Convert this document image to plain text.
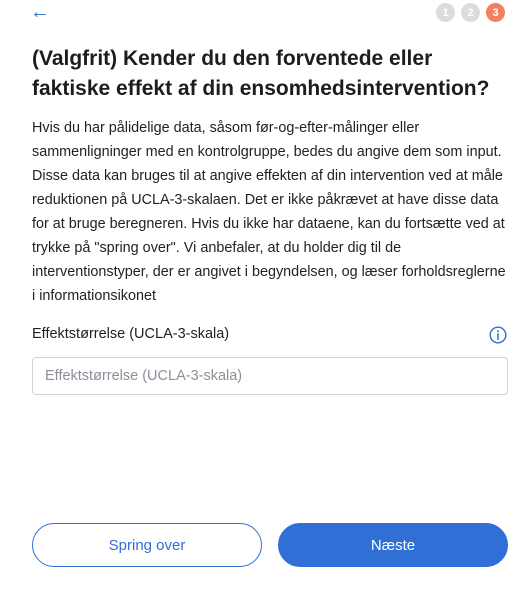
←	1	2	3
(Valgfrit) Kender du den forventede eller faktiske effekt af din ensomhedsintervention?

Hvis du har pålidelige data, såsom før-og-efter-målinger eller sammenligninger med en kontrolgruppe, bedes du angive dem som input. Disse data kan bruges til at angive effekten af din intervention ved at måle reduktionen på UCLA-3-skalaen. Det er ikke påkrævet at have disse data for at bruge beregneren. Hvis du ikke har dataene, kan du fortsætte ved at trykke på "spring over". Vi anbefaler, at du holder dig til de interventionstyper, der er angivet i begyndelsen, og læser forholdsreglerne i informationsikonet

Effektstørrelse (UCLA-3-skala)
Effektstørrelse (UCLA-3-skala)
Spring over	Næste
